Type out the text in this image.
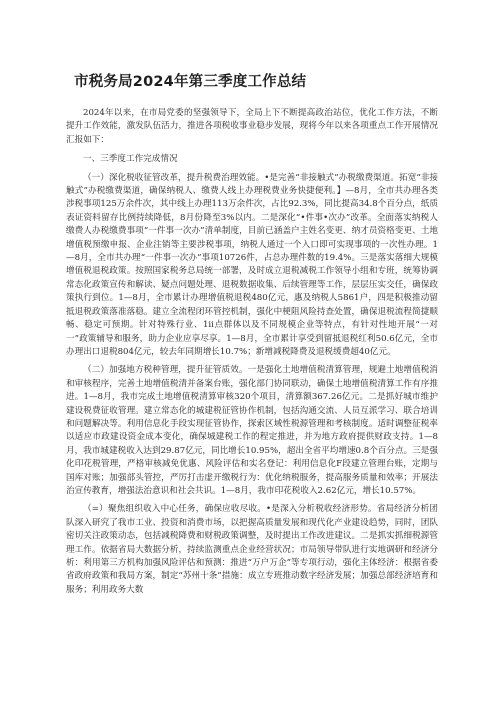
市税务局2024年第三季度工作总结

2024年以来，在市局党委的坚强领导下，全局上下不断提高政治站位，优化工作方法，不断提升工作效能，激发队伍活力，推进各项税收事业稳步发展，现将今年以来各项重点工作开展情况汇报如下：

一、三季度工作完成情况

（一）深化税收征管改革，提升税费治理效能。•是完善“非接触式”办税缴费渠道。拓宽“非接触式”办税缴费渠道，确保纳税人、缴费人线上办理税费业务快捷便利。】—8月，全市共办理各类涉税事项125万余件次，其中线上办理113万余件次，占比92.3%，同比提高34.8个百分点，纸质表证资料留存比例持续降低，8月份降至3%以内。二是深化“•件事•次办”改革。全面落实纳税人缴费人办税缴费事项“一件事一次办”清单制度，目前已涵盖户主姓名变更、纳才员资格变更、土地增值税预缴申报、企业注销等主要涉税事项，纳税人通过一个入口即可实现事项的一次性办理。1—8月，全市共办理“一件事一次办”事项10726件，占总办理件数的19.4%。三是落实落细大规模增值税退税政策。按照国家税务总局统一部署，及时成立退税减税工作领导小组和专班，统筹协调常态化政策宣传和解读、疑点问题处理、退税数据收集、后续管理等工作，层层压实交任，确保政策执行到位。1—8月，全市累计办理增值税退税480亿元，惠及纳税人5861户，四是积极推动留抵退税政策落准落稳。建立全流程闭环管控机制，强化中梗阻风险持查处置，确保退税流程简捷顺畅、稳定可预期。针对特殊行业、1ii点群体以及不同规模企业等特点，有针对性地开展“一对一”政策辅导和服务，助力企业应享尽享。1—8月，全市累计享受到留抵退税红利50.6亿元，全市办理出口退税804亿元，较去年同期增长10.7%；新增减税降费及退税缓费超40亿元。

（二）加强地方税种管理，提升征管质效。一是强化土地增值税清算管理，规避土地增值税消和审核程序，完善土地增值税清并备案台账，强化部门协同联动，确保土地增值税清算工作有序推进。1—8月，我市完成土地增值税清算审核320个项目，清算额367.26亿元。二是抓好城市维护建设税费征收管理。建立常态化的城建税征管协作机制，包括沟通交流、人员互派学习、联合培训和问题解决等。利用信息化手段实现征管协作，探索区域性税源管理和考核制度。适时调整征税率以适应市政建设资金成本变化，确保城建税工作的程定推进，并为地方政府提供财政支持。1—8月，我市城建税收入达到29.87亿元，同比增长10.95%，超出全省平均增速0.8个百分点。三是强化印花税管理，严格审核减免优惠、风险评估和实名登记：利用信息化F段建立管理台账，定期与国库对账；加强部头管控，严厉打击虚开缴税行为：优化纳税服务，提高服务质量和效率；开展法治宣传教育，增强法治意识和社会共识。1—8月，我市印花税收入2.62亿元，增长10.57%。

（=）聚焦组织收入中心任务，确保应收尽收。•是深入分析税收经济形势。省局经济分析团队深入研究了我市工业、投资和消费市场，以把握高质量发展和现代化产业建设趋势，同时，团队密切关注政策动态，包括减税降费和财税政策调整，及时提出工作改进建议。二是抓实抓细税源管理工作。依据省局大数据分析，持续监测重点企业经营状况；市局领导带队进行实地调研和经济分析：利用第三方机构加强风险评估和预测：推进“万户万企”等专项行动，强化主体经济：根据省委省政府政策和我局方案，制定“苏州十条”措施：成立专班推动数字经济发展；加强总部经济培育和服务；利用政务大数
